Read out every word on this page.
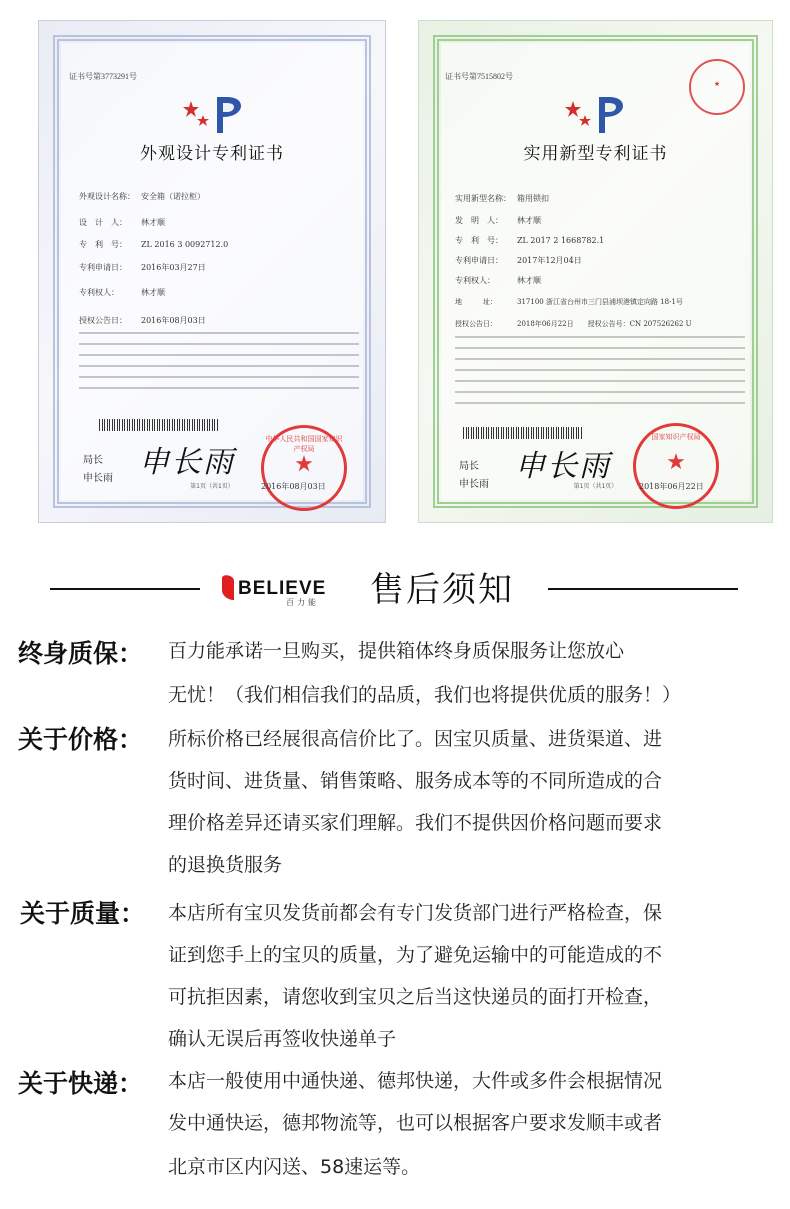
证书号第3773291号
外观设计专利证书
外观设计名称： 安全箱（诺拉柜）
设　计　人： 林才顺
专　利　号： ZL 2016 3 0092712.0
专利申请日： 2016年03月27日
专利权人：	林才顺
授权公告日： 2016年08月03日
局长
申长雨 申长雨
中华人民共和国国家知识产权局
★
2016年08月03日
第1页（共1页）
证书号第7515802号
★
实用新型专利证书
实用新型名称： 箱用锁扣
发　明　人： 林才顺
专　利　号： ZL 2017 2 1668782.1
专利申请日： 2017年12月04日
专利权人：	林才顺
地　　　址：	317100 浙江省台州市三门县浦坝港镇定向路 18-1号
授权公告日：	2018年06月22日　　授权公告号：CN 207526262 U
局长
申长雨
申长雨
国家知识产权局
★
2018年06月22日
第1页（共1页）
BELIEVE
百力能 售后须知
终身质保： 百力能承诺一旦购买，提供箱体终身质保服务让您放心
无忧！（我们相信我们的品质，我们也将提供优质的服务！）
关于价格： 所标价格已经展很高信价比了。因宝贝质量、进货渠道、进
货时间、进货量、销售策略、服务成本等的不同所造成的合
理价格差异还请买家们理解。我们不提供因价格问题而要求
的退换货服务
关于质量： 本店所有宝贝发货前都会有专门发货部门进行严格检查，保
证到您手上的宝贝的质量，为了避免运输中的可能造成的不
可抗拒因素，请您收到宝贝之后当这快递员的面打开检查，
确认无误后再签收快递单子
关于快递： 本店一般使用中通快递、德邦快递，大件或多件会根据情况
发中通快运，德邦物流等，也可以根据客户要求发顺丰或者
北京市区内闪送、58速运等。
